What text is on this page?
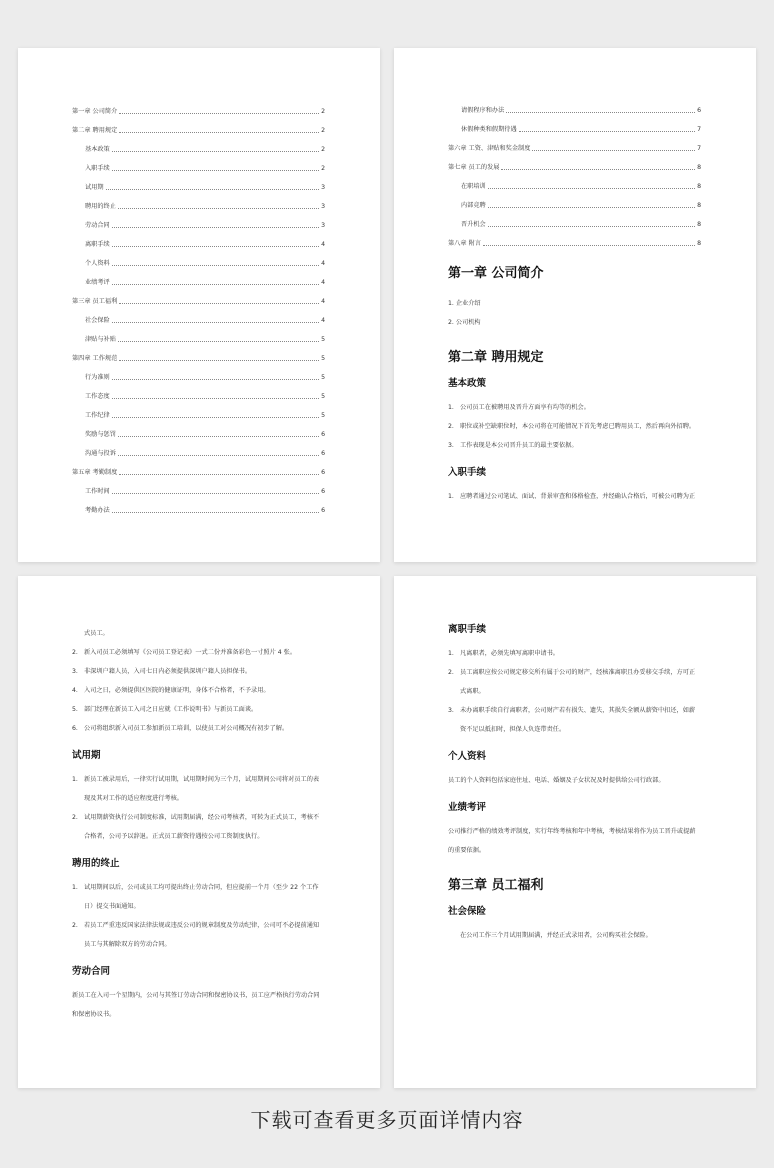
第一章 公司简介	2
第二章 聘用规定	2
基本政策	2
入职手续	2
试用期	3
聘用的终止	3
劳动合同	3
离职手续	4
个人资料	4
业绩考评	4
第三章 员工福利	4
社会保险	4
津贴与补贴	5
第四章 工作规范	5
行为准则	5
工作态度	5
工作纪律	5
奖励与惩罚	6
沟通与投诉	6
第五章 考勤制度	6
工作时间	6
考勤办法	6
请假程序和办法	6
休假种类和假期待遇	7
第六章 工资、津贴和奖金制度	7
第七章 员工的发展	8
在职培训	8
内部竞聘	8
晋升机会	8
第八章 附言	8
第一章 公司简介
1. 企业介绍
2. 公司机构
第二章 聘用规定
基本政策
1. 公司员工在被聘用及晋升方面享有均等的机会。
2. 职位或补空缺职位时，本公司将在可能情况下首先考虑已聘用员工，然后再向外招聘。
3. 工作表现是本公司晋升员工的最主要依据。
入职手续
1. 应聘者通过公司笔试、面试、背景审查和体格检查，并经确认合格后，可被公司聘为正
式员工。
2. 新入司员工必须填写《公司员工登记表》一式二份并准备彩色一寸照片 4 张。
3. 非深圳户籍人员，入司七日内必须提供深圳户籍人员担保书。
4. 入司之日，必须提供区医院的健康证明，身体不合格者，不予录用。
5. 部门经理在新员工入司之日应就《工作说明书》与新员工面谈。
6. 公司将组织新入司员工参加新员工培训，以使员工对公司概况有初步了解。
试用期
1. 新员工被录用后，一律实行试用期，试用期时间为三个月，试用期间公司将对员工的表
现及其对工作的适应程度进行考核。
2. 试用期薪资执行公司制度标准，试用期届满，经公司考核者，可转为正式员工，考核不
合格者，公司予以辞退。正式员工薪资待遇按公司工资制度执行。
聘用的终止
1. 试用期间以后，公司或员工均可提出终止劳动合同，但应提前一个月（至少 22 个工作
日）提交书面通知。
2. 若员工严重违反国家法律法规或违反公司的规章制度及劳动纪律，公司可不必提前通知
员工与其解除双方的劳动合同。
劳动合同
新员工在入司一个星期内，公司与其签订劳动合同和保密协议书，员工应严格执行劳动合同
和保密协议书。
离职手续
1. 凡离职者，必须先填写离职申请书。
2. 员工离职应按公司规定移交所有属于公司的财产，经核准离职且办妥移交手续，方可正
式离职。
3. 未办离职手续自行离职者，公司财产若有损失、遗失，其损失全额从薪资中扣还，如薪
资不足以抵扣时，担保人负连带责任。
个人资料
员工的个人资料包括家庭住址、电话、婚姻及子女状况及时提供给公司行政部。
业绩考评
公司推行严格的绩效考评制度，实行年终考核和年中考核，考核结果将作为员工晋升或提薪
的重要依据。
第三章 员工福利
社会保险
在公司工作三个月试用期届满，并经正式录用者，公司购买社会保险。
下载可查看更多页面详情内容
